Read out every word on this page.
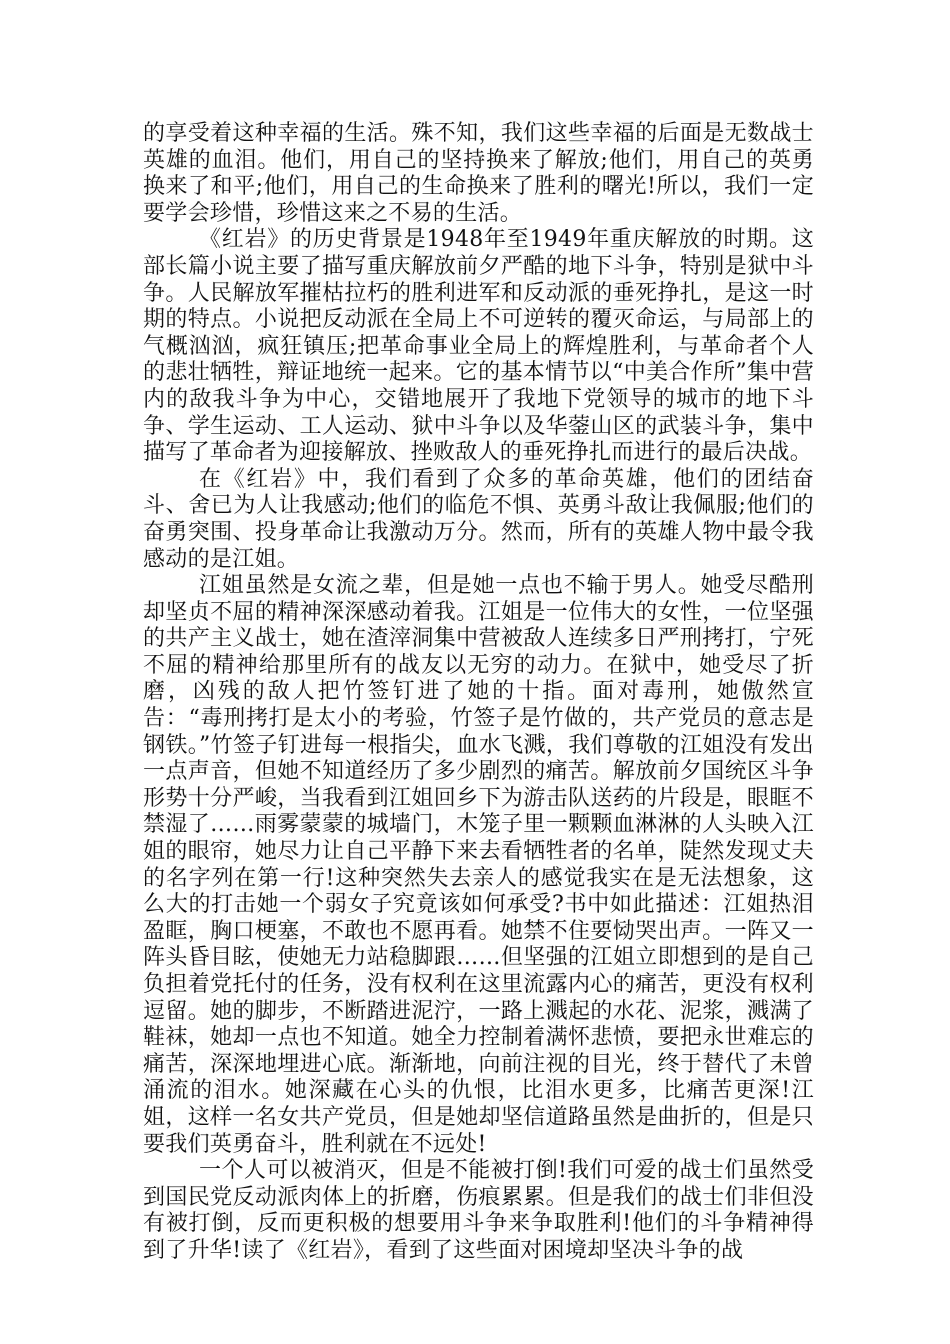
的享受着这种幸福的生活。殊不知，我们这些幸福的后面是无数战士英雄的血泪。他们，用自己的坚持换来了解放;他们，用自己的英勇换来了和平;他们，用自己的生命换来了胜利的曙光!所以，我们一定要学会珍惜，珍惜这来之不易的生活。

《红岩》的历史背景是1948年至1949年重庆解放的时期。这部长篇小说主要了描写重庆解放前夕严酷的地下斗争，特别是狱中斗争。人民解放军摧枯拉朽的胜利进军和反动派的垂死挣扎，是这一时期的特点。小说把反动派在全局上不可逆转的覆灭命运，与局部上的气概汹汹，疯狂镇压;把革命事业全局上的辉煌胜利，与革命者个人的悲壮牺牲，辩证地统一起来。它的基本情节以“中美合作所”集中营内的敌我斗争为中心，交错地展开了我地下党领导的城市的地下斗争、学生运动、工人运动、狱中斗争以及华蓥山区的武装斗争，集中描写了革命者为迎接解放、挫败敌人的垂死挣扎而进行的最后决战。

在《红岩》中，我们看到了众多的革命英雄，他们的团结奋斗、舍已为人让我感动;他们的临危不惧、英勇斗敌让我佩服;他们的奋勇突围、投身革命让我激动万分。然而，所有的英雄人物中最令我感动的是江姐。

江姐虽然是女流之辈，但是她一点也不输于男人。她受尽酷刑却坚贞不屈的精神深深感动着我。江姐是一位伟大的女性，一位坚强的共产主义战士，她在渣滓洞集中营被敌人连续多日严刑拷打，宁死不屈的精神给那里所有的战友以无穷的动力。在狱中，她受尽了折磨，凶残的敌人把竹签钉进了她的十指。面对毒刑，她傲然宣告：“毒刑拷打是太小的考验，竹签子是竹做的，共产党员的意志是钢铁。”竹签子钉进每一根指尖，血水飞溅，我们尊敬的江姐没有发出一点声音，但她不知道经历了多少剧烈的痛苦。解放前夕国统区斗争形势十分严峻，当我看到江姐回乡下为游击队送药的片段是，眼眶不禁湿了……雨雾蒙蒙的城墙门，木笼子里一颗颗血淋淋的人头映入江姐的眼帘，她尽力让自己平静下来去看牺牲者的名单，陡然发现丈夫的名字列在第一行!这种突然失去亲人的感觉我实在是无法想象，这么大的打击她一个弱女子究竟该如何承受?书中如此描述：江姐热泪盈眶，胸口梗塞，不敢也不愿再看。她禁不住要恸哭出声。一阵又一阵头昏目眩，使她无力站稳脚跟……但坚强的江姐立即想到的是自己负担着党托付的任务，没有权利在这里流露内心的痛苦，更没有权利逗留。她的脚步，不断踏进泥泞，一路上溅起的水花、泥浆，溅满了鞋袜，她却一点也不知道。她全力控制着满怀悲愤，要把永世难忘的痛苦，深深地埋进心底。渐渐地，向前注视的目光，终于替代了未曾涌流的泪水。她深藏在心头的仇恨，比泪水更多，比痛苦更深!江姐，这样一名女共产党员，但是她却坚信道路虽然是曲折的，但是只要我们英勇奋斗，胜利就在不远处!

一个人可以被消灭，但是不能被打倒!我们可爱的战士们虽然受到国民党反动派肉体上的折磨，伤痕累累。但是我们的战士们非但没有被打倒，反而更积极的想要用斗争来争取胜利!他们的斗争精神得到了升华!读了《红岩》，看到了这些面对困境却坚决斗争的战
